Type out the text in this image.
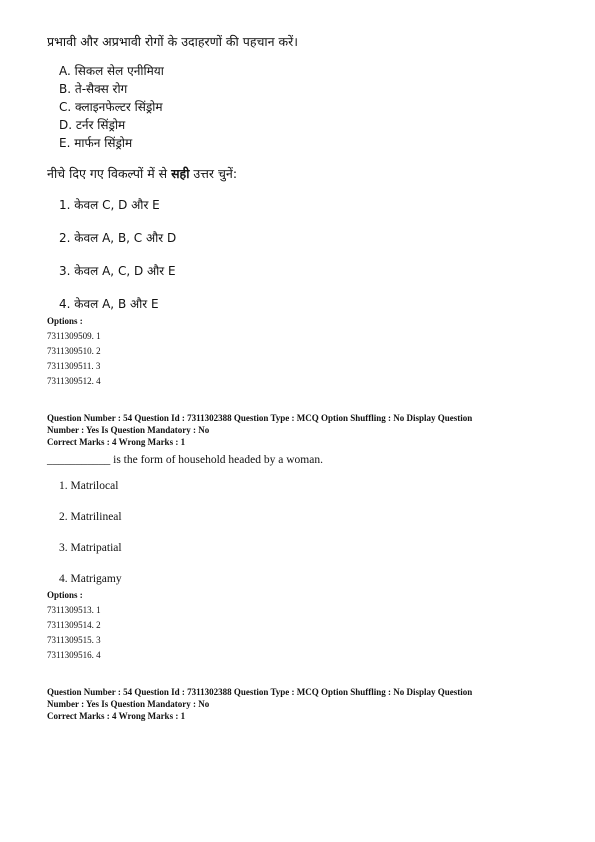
प्रभावी और अप्रभावी रोगों के उदाहरणों की पहचान करें।
A. सिकल सेल एनीमिया
B. ते-सैक्स रोग
C. क्लाइनफेल्टर सिंड्रोम
D. टर्नर सिंड्रोम
E. मार्फन सिंड्रोम
नीचे दिए गए विकल्पों में से सही उत्तर चुनें:
1. केवल C, D और E
2. केवल A, B, C और D
3. केवल A, C, D और E
4. केवल A, B और E
Options :
7311309509. 1
7311309510. 2
7311309511. 3
7311309512. 4
Question Number : 54 Question Id : 7311302388 Question Type : MCQ Option Shuffling : No Display Question
Number : Yes Is Question Mandatory : No
Correct Marks : 4 Wrong Marks : 1
___________ is the form of household headed by a woman.
1. Matrilocal
2. Matrilineal
3. Matripatial
4. Matrigamy
Options :
7311309513. 1
7311309514. 2
7311309515. 3
7311309516. 4
Question Number : 54 Question Id : 7311302388 Question Type : MCQ Option Shuffling : No Display Question
Number : Yes Is Question Mandatory : No
Correct Marks : 4 Wrong Marks : 1
